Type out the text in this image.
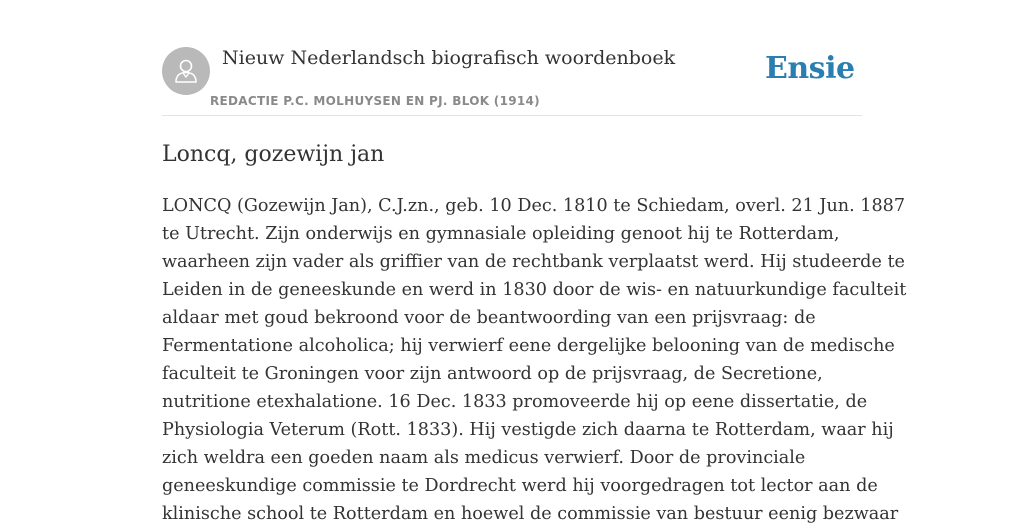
Nieuw Nederlandsch biografisch woordenboek
REDACTIE P.C. MOLHUYSEN EN PJ. BLOK (1914)
Ensie
Loncq, gozewijn jan
LONCQ (Gozewijn Jan), C.J.zn., geb. 10 Dec. 1810 te Schiedam, overl. 21 Jun. 1887
te Utrecht. Zijn onderwijs en gymnasiale opleiding genoot hij te Rotterdam,
waarheen zijn vader als griffier van de rechtbank verplaatst werd. Hij studeerde te
Leiden in de geneeskunde en werd in 1830 door de wis- en natuurkundige faculteit
aldaar met goud bekroond voor de beantwoording van een prijsvraag: de
Fermentatione alcoholica; hij verwierf eene dergelijke belooning van de medische
faculteit te Groningen voor zijn antwoord op de prijsvraag, de Secretione,
nutritione etexhalatione. 16 Dec. 1833 promoveerde hij op eene dissertatie, de
Physiologia Veterum (Rott. 1833). Hij vestigde zich daarna te Rotterdam, waar hij
zich weldra een goeden naam als medicus verwierf. Door de provinciale
geneeskundige commissie te Dordrecht werd hij voorgedragen tot lector aan de
klinische school te Rotterdam en hoewel de commissie van bestuur eenig bezwaar
